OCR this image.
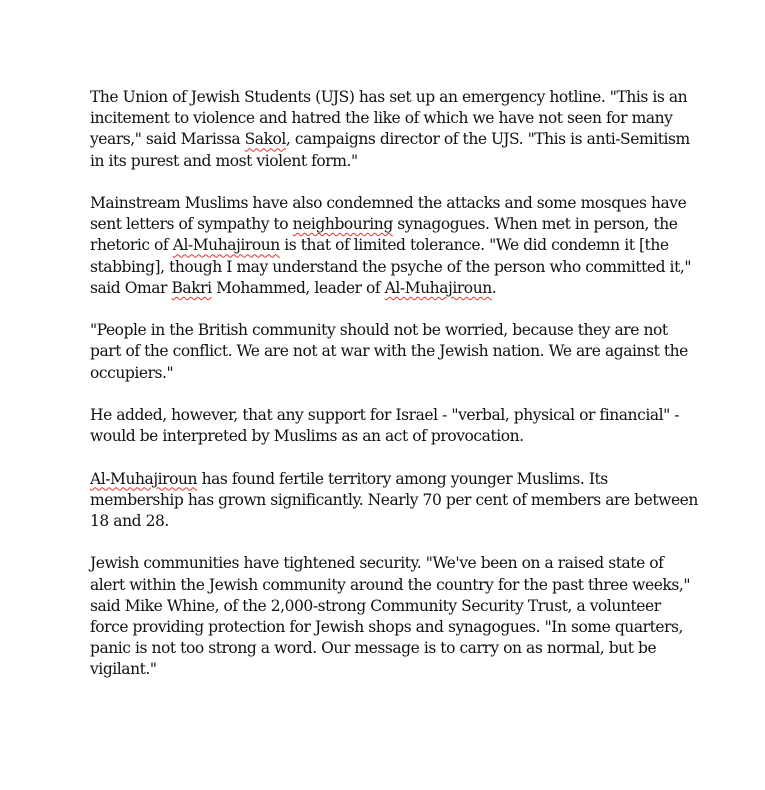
The Union of Jewish Students (UJS) has set up an emergency hotline. "This is an
incitement to violence and hatred the like of which we have not seen for many
years," said Marissa Sakol, campaigns director of the UJS. "This is anti-Semitism
in its purest and most violent form."

Mainstream Muslims have also condemned the attacks and some mosques have
sent letters of sympathy to neighbouring synagogues. When met in person, the
rhetoric of Al-Muhajiroun is that of limited tolerance. "We did condemn it [the
stabbing], though I may understand the psyche of the person who committed it,"
said Omar Bakri Mohammed, leader of Al-Muhajiroun.

"People in the British community should not be worried, because they are not
part of the conflict. We are not at war with the Jewish nation. We are against the
occupiers."

He added, however, that any support for Israel - "verbal, physical or financial" -
would be interpreted by Muslims as an act of provocation.

Al-Muhajiroun has found fertile territory among younger Muslims. Its
membership has grown significantly. Nearly 70 per cent of members are between
18 and 28.

Jewish communities have tightened security. "We've been on a raised state of
alert within the Jewish community around the country for the past three weeks,"
said Mike Whine, of the 2,000-strong Community Security Trust, a volunteer
force providing protection for Jewish shops and synagogues. "In some quarters,
panic is not too strong a word. Our message is to carry on as normal, but be
vigilant."
